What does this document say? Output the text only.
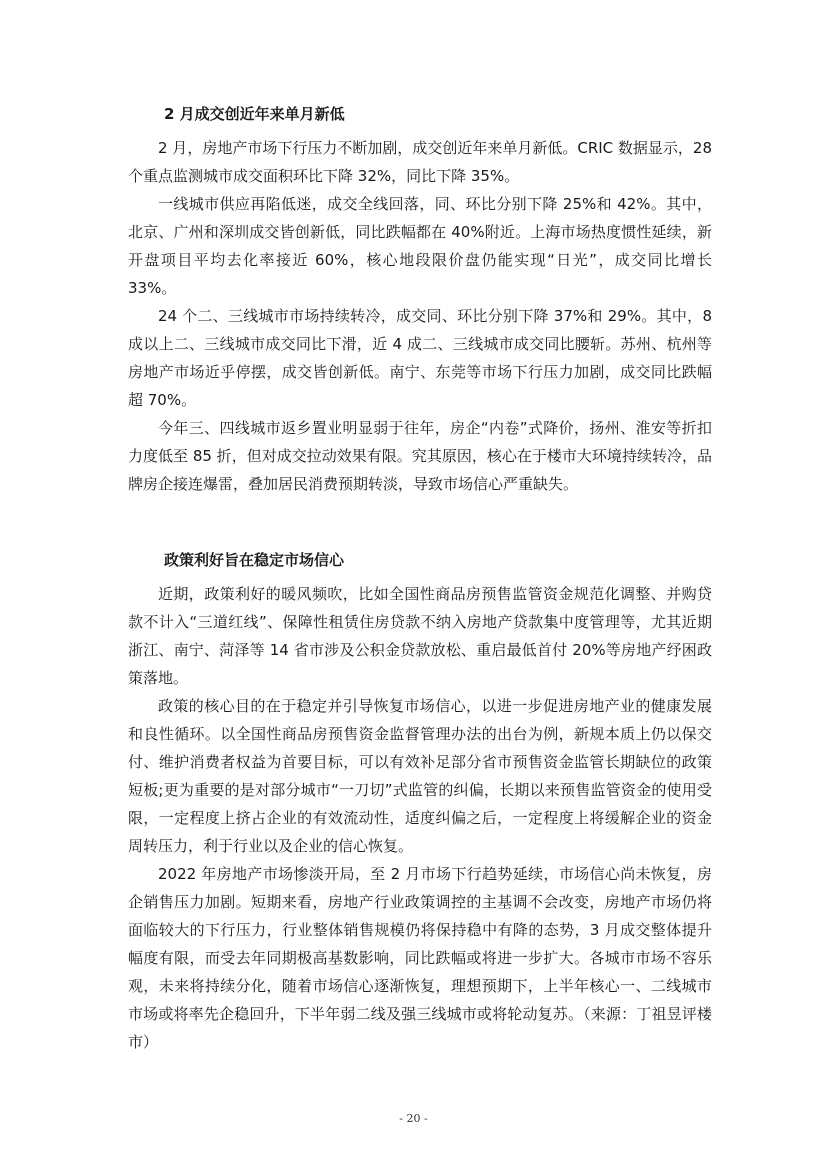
2 月成交创近年来单月新低

2 月，房地产市场下行压力不断加剧，成交创近年来单月新低。CRIC 数据显示，28 个重点监测城市成交面积环比下降 32%，同比下降 35%。

一线城市供应再陷低迷，成交全线回落，同、环比分别下降 25%和 42%。其中，北京、广州和深圳成交皆创新低，同比跌幅都在 40%附近。上海市场热度惯性延续，新开盘项目平均去化率接近 60%，核心地段限价盘仍能实现“日光”，成交同比增长 33%。

24 个二、三线城市市场持续转冷，成交同、环比分别下降 37%和 29%。其中，8 成以上二、三线城市成交同比下滑，近 4 成二、三线城市成交同比腰斩。苏州、杭州等房地产市场近乎停摆，成交皆创新低。南宁、东莞等市场下行压力加剧，成交同比跌幅超 70%。

今年三、四线城市返乡置业明显弱于往年，房企“内卷”式降价，扬州、淮安等折扣力度低至 85 折，但对成交拉动效果有限。究其原因，核心在于楼市大环境持续转冷，品牌房企接连爆雷，叠加居民消费预期转淡，导致市场信心严重缺失。

政策利好旨在稳定市场信心

近期，政策利好的暖风频吹，比如全国性商品房预售监管资金规范化调整、并购贷款不计入“三道红线”、保障性租赁住房贷款不纳入房地产贷款集中度管理等，尤其近期浙江、南宁、菏泽等 14 省市涉及公积金贷款放松、重启最低首付 20%等房地产纾困政策落地。

政策的核心目的在于稳定并引导恢复市场信心，以进一步促进房地产业的健康发展和良性循环。以全国性商品房预售资金监督管理办法的出台为例，新规本质上仍以保交付、维护消费者权益为首要目标，可以有效补足部分省市预售资金监管长期缺位的政策短板;更为重要的是对部分城市“一刀切”式监管的纠偏，长期以来预售监管资金的使用受限，一定程度上挤占企业的有效流动性，适度纠偏之后，一定程度上将缓解企业的资金周转压力，利于行业以及企业的信心恢复。

2022 年房地产市场惨淡开局，至 2 月市场下行趋势延续，市场信心尚未恢复，房企销售压力加剧。短期来看，房地产行业政策调控的主基调不会改变，房地产市场仍将面临较大的下行压力，行业整体销售规模仍将保持稳中有降的态势，3 月成交整体提升幅度有限，而受去年同期极高基数影响，同比跌幅或将进一步扩大。各城市市场不容乐观，未来将持续分化，随着市场信心逐渐恢复，理想预期下，上半年核心一、二线城市市场或将率先企稳回升，下半年弱二线及强三线城市或将轮动复苏。（来源：丁祖昱评楼市）

- 20 -
